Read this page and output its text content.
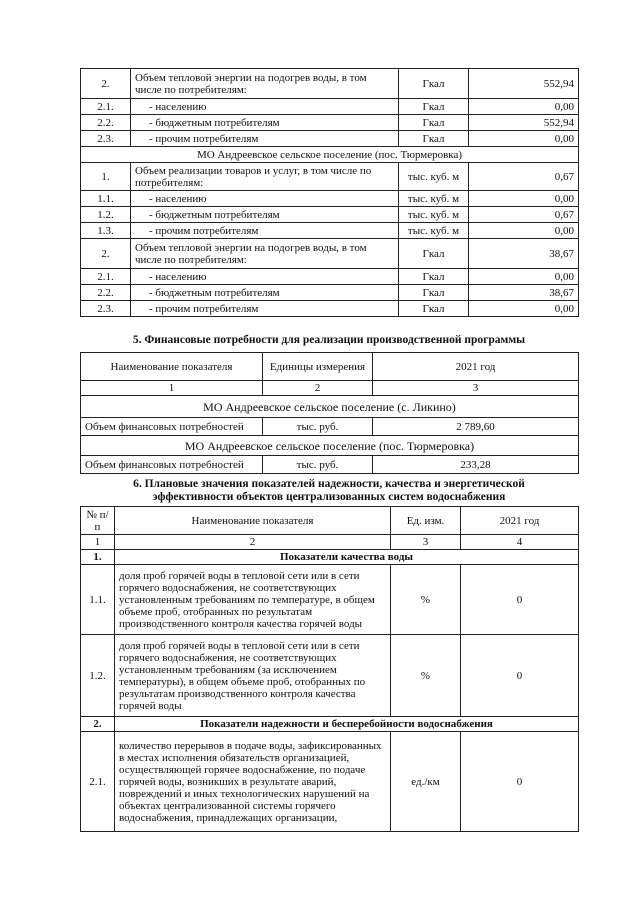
2.	Объем тепловой энергии на подогрев воды, в том числе по потребителям:	Гкал	552,94
2.1.	- населению	Гкал	0,00
2.2.	- бюджетным потребителям	Гкал	552,94
2.3.	- прочим потребителям	Гкал	0,00
МО Андреевское сельское поселение (пос. Тюрмеровка)			
1.	Объем реализации товаров и услуг, в том числе по потребителям:	тыс. куб. м	0,67
1.1.	- населению	тыс. куб. м	0,00
1.2.	- бюджетным потребителям	тыс. куб. м	0,67
1.3.	- прочим потребителям	тыс. куб. м	0,00
2.	Объем тепловой энергии на подогрев воды, в том числе по потребителям:	Гкал	38,67
2.1.	- населению	Гкал	0,00
2.2.	- бюджетным потребителям	Гкал	38,67
2.3.	- прочим потребителям	Гкал	0,00
5. Финансовые потребности для реализации производственной программы
Наименование показателя	Единицы измерения	2021 год
1	2	3
МО Андреевское сельское поселение (с. Ликино)		
Объем финансовых потребностей	тыс. руб.	2 789,60
МО Андреевское сельское поселение (пос. Тюрмеровка)		
Объем финансовых потребностей	тыс. руб.	233,28
6. Плановые значения показателей надежности, качества и энергетической
эффективности объектов централизованных систем водоснабжения
№ п/п	Наименование показателя	Ед. изм.	2021 год
1	2	3	4
1.	Показатели качества воды		
1.1.	доля проб горячей воды в тепловой сети или в сети горячего водоснабжения, не соответствующих установленным требованиям по температуре, в общем объеме проб, отобранных по результатам производственного контроля качества горячей воды	%	0
1.2.	доля проб горячей воды в тепловой сети или в сети горячего водоснабжения, не соответствующих установленным требованиям (за исключением температуры), в общем объеме проб, отобранных по результатам производственного контроля качества горячей воды	%	0
2.	Показатели надежности и бесперебойности водоснабжения		
2.1.	количество перерывов в подаче воды, зафиксированных в местах исполнения обязательств организацией, осуществляющей горячее водоснабжение, по подаче горячей воды, возникших в результате аварий, повреждений и иных технологических нарушений на объектах централизованной системы горячего водоснабжения, принадлежащих организации,	ед./км	0
